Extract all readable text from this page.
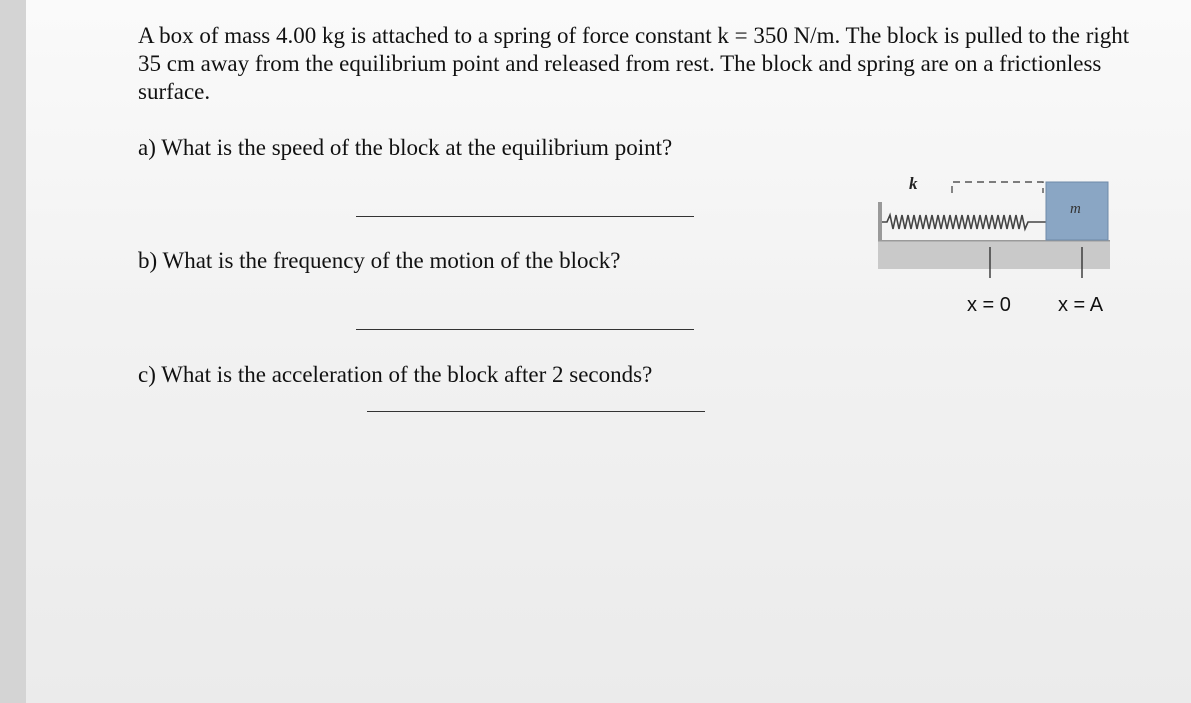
A box of mass 4.00 kg is attached to a spring of force constant k = 350 N/m. The block is pulled to the right 35 cm away from the equilibrium point and released from rest. The block and spring are on a frictionless surface.
a) What is the speed of the block at the equilibrium point?
b) What is the frequency of the motion of the block?
c) What is the acceleration of the block after 2 seconds?
k
m
x = 0 x = A
